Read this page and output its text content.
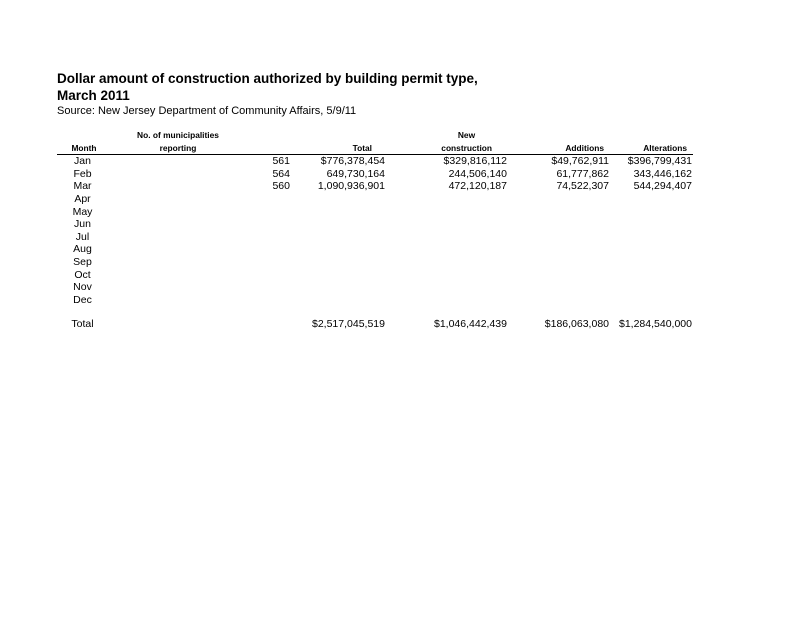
Dollar amount of construction authorized by building permit type,
March 2011
Source: New Jersey Department of Community Affairs, 5/9/11
	No. of municipalities		New		
Month	reporting	Total	construction	Additions	Alterations
Jan	561	$776,378,454	$329,816,112	$49,762,911	$396,799,431
Feb	564	649,730,164	244,506,140	61,777,862	343,446,162
Mar	560	1,090,936,901	472,120,187	74,522,307	544,294,407
Apr					
May					
Jun					
Jul					
Aug					
Sep					
Oct					
Nov					
Dec					

Total		$2,517,045,519	$1,046,442,439	$186,063,080	$1,284,540,000
